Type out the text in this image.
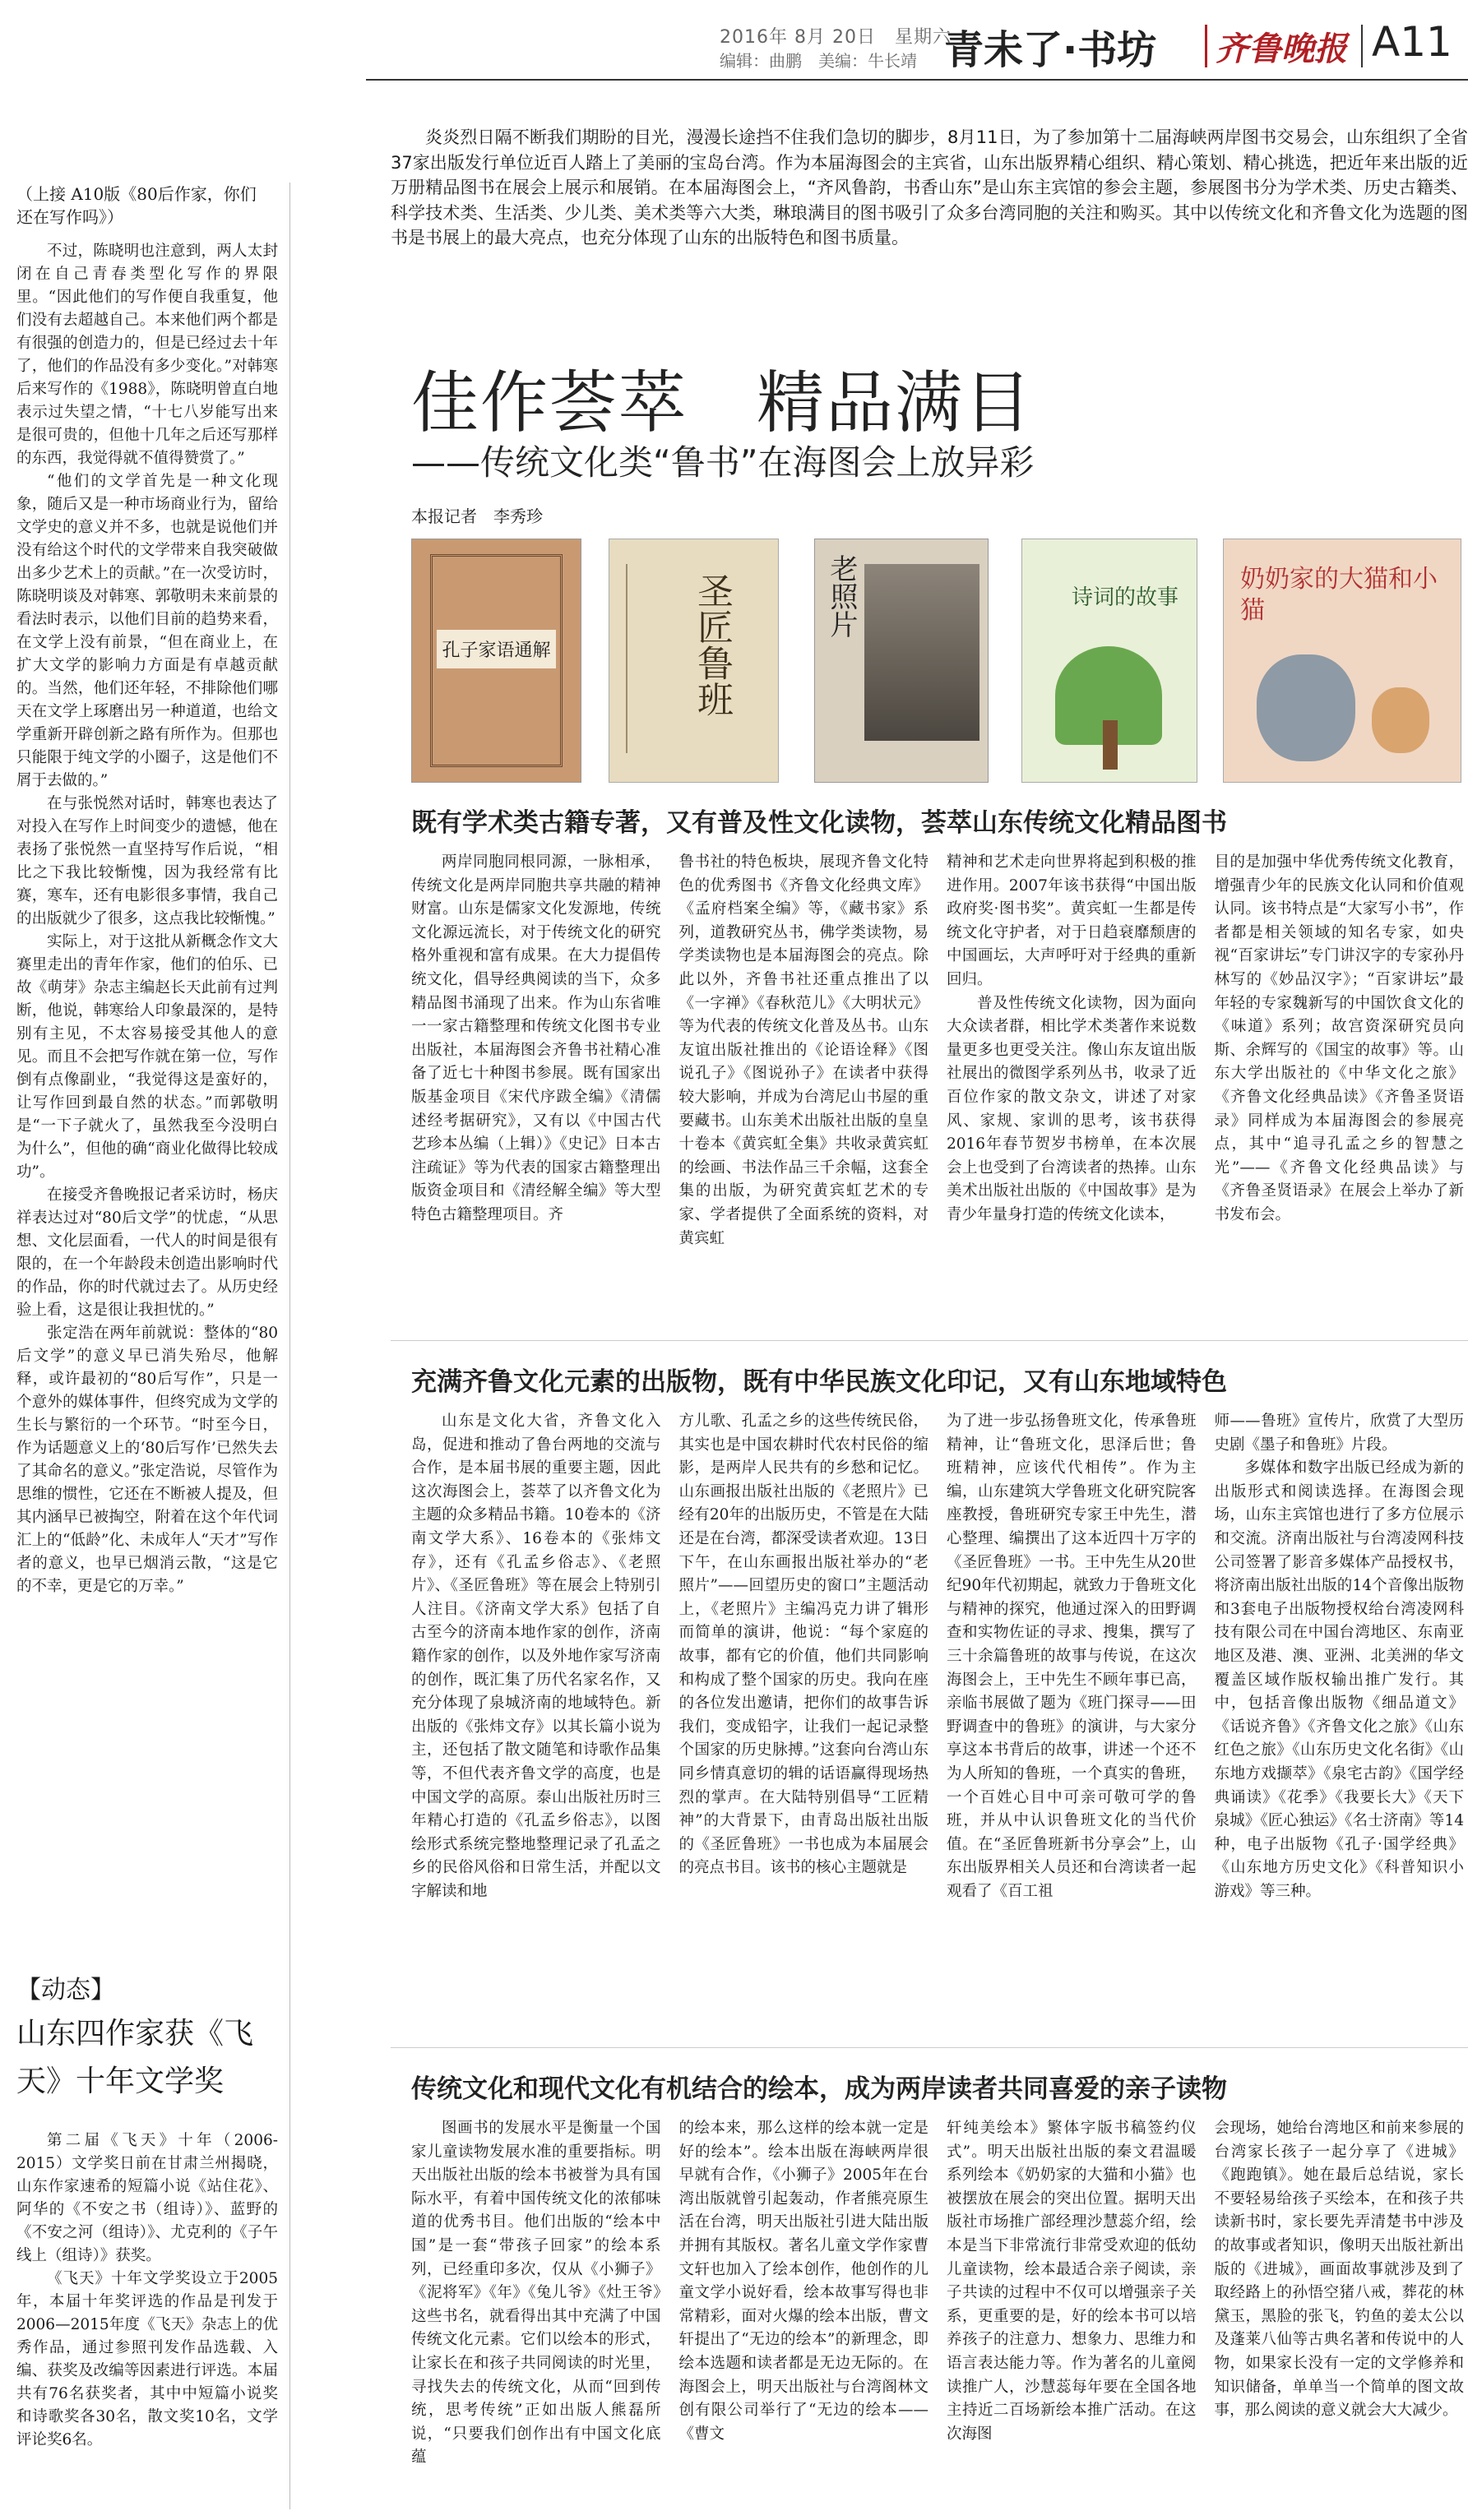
2016年 8月 20日　星期六
编辑：曲鹏　美编：牛长靖 青未了·书坊 齐鲁晚报 A11
（上接 A10版《80后作家，你们还在写作吗》）

不过，陈晓明也注意到，两人太封闭在自己青春类型化写作的界限里。“因此他们的写作便自我重复，他们没有去超越自己。本来他们两个都是有很强的创造力的，但是已经过去十年了，他们的作品没有多少变化。”对韩寒后来写作的《1988》，陈晓明曾直白地表示过失望之情，“十七八岁能写出来是很可贵的，但他十几年之后还写那样的东西，我觉得就不值得赞赏了。”

“他们的文学首先是一种文化现象，随后又是一种市场商业行为，留给文学史的意义并不多，也就是说他们并没有给这个时代的文学带来自我突破做出多少艺术上的贡献。”在一次受访时，陈晓明谈及对韩寒、郭敬明未来前景的看法时表示，以他们目前的趋势来看，在文学上没有前景，“但在商业上，在扩大文学的影响力方面是有卓越贡献的。当然，他们还年轻，不排除他们哪天在文学上琢磨出另一种道道，也给文学重新开辟创新之路有所作为。但那也只能限于纯文学的小圈子，这是他们不屑于去做的。”

在与张悦然对话时，韩寒也表达了对投入在写作上时间变少的遗憾，他在表扬了张悦然一直坚持写作后说，“相比之下我比较惭愧，因为我经常有比赛，寒车，还有电影很多事情，我自己的出版就少了很多，这点我比较惭愧。”

实际上，对于这批从新概念作文大赛里走出的青年作家，他们的伯乐、已故《萌芽》杂志主编赵长天此前有过判断，他说，韩寒给人印象最深的，是特别有主见，不太容易接受其他人的意见。而且不会把写作就在第一位，写作倒有点像副业，“我觉得这是蛮好的，让写作回到最自然的状态。”而郭敬明是“一下子就火了，虽然我至今没明白为什么”，但他的确“商业化做得比较成功”。

在接受齐鲁晚报记者采访时，杨庆祥表达过对“80后文学”的忧虑，“从思想、文化层面看，一代人的时间是很有限的，在一个年龄段未创造出影响时代的作品，你的时代就过去了。从历史经验上看，这是很让我担忧的。”

张定浩在两年前就说：整体的“80后文学”的意义早已消失殆尽，他解释，或许最初的“80后写作”，只是一个意外的媒体事件，但终究成为文学的生长与繁衍的一个环节。“时至今日，作为话题意义上的‘80后写作’已然失去了其命名的意义。”张定浩说，尽管作为思维的惯性，它还在不断被人提及，但其内涵早已被掏空，附着在这个年代词汇上的“低龄”化、未成年人“天才”写作者的意义，也早已烟消云散，“这是它的不幸，更是它的万幸。”

【动态】
山东四作家获《飞天》十年文学奖

第二届《飞天》十年（2006-2015）文学奖日前在甘肃兰州揭晓，山东作家速希的短篇小说《站住花》、阿华的《不安之书（组诗）》、蓝野的《不安之河（组诗）》、尤克利的《子午线上（组诗）》获奖。

《飞天》十年文学奖设立于2005年，本届十年奖评选的作品是刊发于2006—2015年度《飞天》杂志上的优秀作品，通过参照刊发作品选载、入编、获奖及改编等因素进行评选。本届共有76名获奖者，其中中短篇小说奖和诗歌奖各30名，散文奖10名，文学评论奖6名。

炎炎烈日隔不断我们期盼的目光，漫漫长途挡不住我们急切的脚步，8月11日，为了参加第十二届海峡两岸图书交易会，山东组织了全省37家出版发行单位近百人踏上了美丽的宝岛台湾。作为本届海图会的主宾省，山东出版界精心组织、精心策划、精心挑选，把近年来出版的近万册精品图书在展会上展示和展销。在本届海图会上，“齐风鲁韵，书香山东”是山东主宾馆的参会主题，参展图书分为学术类、历史古籍类、科学技术类、生活类、少儿类、美术类等六大类，琳琅满目的图书吸引了众多台湾同胞的关注和购买。其中以传统文化和齐鲁文化为选题的图书是书展上的最大亮点，也充分体现了山东的出版特色和图书质量。
佳作荟萃　精品满目
——传统文化类“鲁书”在海图会上放异彩
本报记者　李秀珍
孔子家语通解	圣匠鲁班	老照片	诗词的故事
奶奶家的大猫和小猫
既有学术类古籍专著，又有普及性文化读物，荟萃山东传统文化精品图书

两岸同胞同根同源，一脉相承，传统文化是两岸同胞共享共融的精神财富。山东是儒家文化发源地，传统文化源远流长，对于传统文化的研究格外重视和富有成果。在大力提倡传统文化，倡导经典阅读的当下，众多精品图书涌现了出来。作为山东省唯一一家古籍整理和传统文化图书专业出版社，本届海图会齐鲁书社精心准备了近七十种图书参展。既有国家出版基金项目《宋代序跋全编》《清儒述经考据研究》，又有以《中国古代艺珍本丛编（上辑）》《史记》日本古注疏证》等为代表的国家古籍整理出版资金项目和《清经解全编》等大型特色古籍整理项目。齐

鲁书社的特色板块，展现齐鲁文化特色的优秀图书《齐鲁文化经典文库》《孟府档案全编》等，《藏书家》系列，道教研究丛书，佛学类读物，易学类读物也是本届海图会的亮点。除此以外，齐鲁书社还重点推出了以《一字禅》《春秋范儿》《大明状元》等为代表的传统文化普及丛书。山东友谊出版社推出的《论语诠释》《图说孔子》《图说孙子》在读者中获得较大影响，并成为台湾尼山书屋的重要藏书。山东美术出版社出版的皇皇十卷本《黄宾虹全集》共收录黄宾虹的绘画、书法作品三千余幅，这套全集的出版，为研究黄宾虹艺术的专家、学者提供了全面系统的资料，对黄宾虹

精神和艺术走向世界将起到积极的推进作用。2007年该书获得“中国出版政府奖·图书奖”。黄宾虹一生都是传统文化守护者，对于日趋衰靡颓唐的中国画坛，大声呼吁对于经典的重新回归。

普及性传统文化读物，因为面向大众读者群，相比学术类著作来说数量更多也更受关注。像山东友谊出版社展出的微图学系列丛书，收录了近百位作家的散文杂文，讲述了对家风、家规、家训的思考，该书获得2016年春节贺岁书榜单，在本次展会上也受到了台湾读者的热捧。山东美术出版社出版的《中国故事》是为青少年量身打造的传统文化读本，

目的是加强中华优秀传统文化教育，增强青少年的民族文化认同和价值观认同。该书特点是“大家写小书”，作者都是相关领域的知名专家，如央视“百家讲坛”专门讲汉字的专家孙丹林写的《妙品汉字》；“百家讲坛”最年轻的专家魏新写的中国饮食文化的《味道》系列；故宫资深研究员向斯、余辉写的《国宝的故事》等。山东大学出版社的《中华文化之旅》《齐鲁文化经典品读》《齐鲁圣贤语录》同样成为本届海图会的参展亮点，其中“追寻孔孟之乡的智慧之光”——《齐鲁文化经典品读》与《齐鲁圣贤语录》在展会上举办了新书发布会。

充满齐鲁文化元素的出版物，既有中华民族文化印记，又有山东地域特色

山东是文化大省，齐鲁文化入岛，促进和推动了鲁台两地的交流与合作，是本届书展的重要主题，因此这次海图会上，荟萃了以齐鲁文化为主题的众多精品书籍。10卷本的《济南文学大系》、16卷本的《张炜文存》，还有《孔孟乡俗志》、《老照片》、《圣匠鲁班》等在展会上特别引人注目。《济南文学大系》包括了自古至今的济南本地作家的创作，济南籍作家的创作，以及外地作家写济南的创作，既汇集了历代名家名作，又充分体现了泉城济南的地域特色。新出版的《张炜文存》以其长篇小说为主，还包括了散文随笔和诗歌作品集等，不但代表齐鲁文学的高度，也是中国文学的高原。泰山出版社历时三年精心打造的《孔孟乡俗志》，以图绘形式系统完整地整理记录了孔孟之乡的民俗风俗和日常生活，并配以文字解读和地

方儿歌、孔孟之乡的这些传统民俗，其实也是中国农耕时代农村民俗的缩影，是两岸人民共有的乡愁和记忆。山东画报出版社出版的《老照片》已经有20年的出版历史，不管是在大陆还是在台湾，都深受读者欢迎。13日下午，在山东画报出版社举办的“老照片”——回望历史的窗口”主题活动上，《老照片》主编冯克力讲了辑形而简单的演讲，他说：“每个家庭的故事，都有它的价值，他们共同影响和构成了整个国家的历史。我向在座的各位发出邀请，把你们的故事告诉我们，变成铅字，让我们一起记录整个国家的历史脉搏。”这套向台湾山东同乡情真意切的辑的话语赢得现场热烈的掌声。在大陆特别倡导“工匠精神”的大背景下，由青岛出版社出版的《圣匠鲁班》一书也成为本届展会的亮点书目。该书的核心主题就是

为了进一步弘扬鲁班文化，传承鲁班精神，让“鲁班文化，思泽后世；鲁班精神，应该代代相传”。作为主编，山东建筑大学鲁班文化研究院客座教授，鲁班研究专家王中先生，潜心整理、编撰出了这本近四十万字的《圣匠鲁班》一书。王中先生从20世纪90年代初期起，就致力于鲁班文化与精神的探究，他通过深入的田野调查和实物佐证的寻求、搜集，撰写了三十余篇鲁班的故事与传说，在这次海图会上，王中先生不顾年事已高，亲临书展做了题为《班门探寻——田野调查中的鲁班》的演讲，与大家分享这本书背后的故事，讲述一个还不为人所知的鲁班，一个真实的鲁班，一个百姓心目中可亲可敬可学的鲁班，并从中认识鲁班文化的当代价值。在“圣匠鲁班新书分享会”上，山东出版界相关人员还和台湾读者一起观看了《百工祖

师——鲁班》宣传片，欣赏了大型历史剧《墨子和鲁班》片段。

多媒体和数字出版已经成为新的出版形式和阅读选择。在海图会现场，山东主宾馆也进行了多方位展示和交流。济南出版社与台湾凌网科技公司签署了影音多媒体产品授权书，将济南出版社出版的14个音像出版物和3套电子出版物授权给台湾凌网科技有限公司在中国台湾地区、东南亚地区及港、澳、亚洲、北美洲的华文覆盖区域作版权输出推广发行。其中，包括音像出版物《细品道文》《话说齐鲁》《齐鲁文化之旅》《山东红色之旅》《山东历史文化名街》《山东地方戏撷萃》《泉宅古韵》《国学经典诵读》《花季》《我要长大》《天下泉城》《匠心独运》《名士济南》等14种，电子出版物《孔子·国学经典》《山东地方历史文化》《科普知识小游戏》等三种。

传统文化和现代文化有机结合的绘本，成为两岸读者共同喜爱的亲子读物

图画书的发展水平是衡量一个国家儿童读物发展水准的重要指标。明天出版社出版的绘本书被誉为具有国际水平，有着中国传统文化的浓郁味道的优秀书目。他们出版的“绘本中国”是一套“带孩子回家”的绘本系列，已经重印多次，仅从《小狮子》《泥将军》《年》《兔儿爷》《灶王爷》这些书名，就看得出其中充满了中国传统文化元素。它们以绘本的形式，让家长在和孩子共同阅读的时光里，寻找失去的传统文化，从而“回到传统，思考传统”正如出版人熊磊所说，“只要我们创作出有中国文化底蕴

的绘本来，那么这样的绘本就一定是好的绘本”。绘本出版在海峡两岸很早就有合作，《小狮子》2005年在台湾出版就曾引起轰动，作者熊亮原生活在台湾，明天出版社引进大陆出版并拥有其版权。著名儿童文学作家曹文轩也加入了绘本创作，他创作的儿童文学小说好看，绘本故事写得也非常精彩，面对火爆的绘本出版，曹文轩提出了“无边的绘本”的新理念，即绘本选题和读者都是无边无际的。在海图会上，明天出版社与台湾阁林文创有限公司举行了“无边的绘本——《曹文

轩纯美绘本》繁体字版书稿签约仪式”。明天出版社出版的秦文君温暖系列绘本《奶奶家的大猫和小猫》也被摆放在展会的突出位置。据明天出版社市场推广部经理沙慧蕊介绍，绘本是当下非常流行非常受欢迎的低幼儿童读物，绘本最适合亲子阅读，亲子共读的过程中不仅可以增强亲子关系，更重要的是，好的绘本书可以培养孩子的注意力、想象力、思维力和语言表达能力等。作为著名的儿童阅读推广人，沙慧蕊每年要在全国各地主持近二百场新绘本推广活动。在这次海图

会现场，她给台湾地区和前来参展的台湾家长孩子一起分享了《进城》《跑跑镇》。她在最后总结说，家长不要轻易给孩子买绘本，在和孩子共读新书时，家长要先弄清楚书中涉及的故事或者知识，像明天出版社新出版的《进城》，画面故事就涉及到了取经路上的孙悟空猪八戒，葬花的林黛玉，黑脸的张飞，钓鱼的姜太公以及蓬莱八仙等古典名著和传说中的人物，如果家长没有一定的文学修养和知识储备，单单当一个简单的图文故事，那么阅读的意义就会大大减少。
